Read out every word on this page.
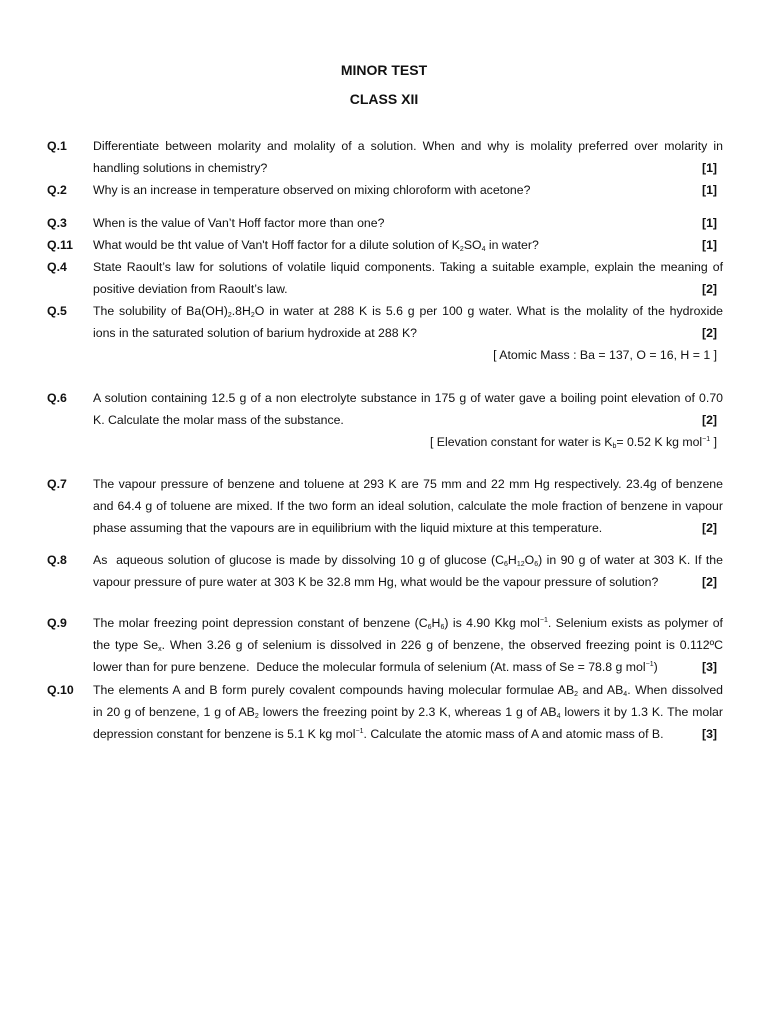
MINOR TEST
CLASS XII
Q.1 Differentiate between molarity and molality of a solution. When and why is molality preferred over molarity in
handling solutions in chemistry?	[1]
Q.2 Why is an increase in temperature observed on mixing chloroform with acetone?	[1]
Q.3 When is the value of Van’t Hoff factor more than one?	[1]
Q.11 What would be tht value of Van't Hoff factor for a dilute solution of $K_2SO_4$ in water?	[1]
Q.4 State Raoult’s law for solutions of volatile liquid components. Taking a suitable example, explain the meaning of
positive deviation from Raoult’s law.	[2]
Q.5 The solubility of $Ba(OH)_2.8H_2O$ in water at 288 K is 5.6 g per 100 g water. What is the molality of the hydroxide
ions in the saturated solution of barium hydroxide at 288 K?	[2]
[ Atomic Mass : Ba = 137, O = 16, H = 1 ]
Q.6 A solution containing 12.5 g of a non electrolyte substance in 175 g of water gave a boiling point elevation of 0.70
K. Calculate the molar mass of the substance.	[2]
[ Elevation constant for water is $K_b= 0.52$ K kg mol$^{-1}$ ]
Q.7 The vapour pressure of benzene and toluene at 293 K are 75 mm and 22 mm Hg respectively. 23.4g of benzene
and 64.4 g of toluene are mixed. If the two form an ideal solution, calculate the mole fraction of benzene in vapour
phase assuming that the vapours are in equilibrium with the liquid mixture at this temperature.	[2]
Q.8 As  aqueous solution of glucose is made by dissolving 10 g of glucose $(C_6H_{12}O_6)$ in 90 g of water at 303 K. If the
vapour pressure of pure water at 303 K be 32.8 mm Hg, what would be the vapour pressure of solution?	[2]
Q.9 The molar freezing point depression constant of benzene $(C_6H_6)$ is 4.90 Kkg mol$^{-1}$. Selenium exists as polymer of
the type $Se_x$. When 3.26 g of selenium is dissolved in 226 g of benzene, the observed freezing point is 0.112ºC
lower than for pure benzene.  Deduce the molecular formula of selenium (At. mass of Se = 78.8 g mol$^{-1}$)	[3]
Q.10 The elements A and B form purely covalent compounds having molecular formulae $AB_2$ and $AB_4$. When dissolved
in 20 g of benzene, 1 g of $AB_2$ lowers the freezing point by 2.3 K, whereas 1 g of $AB_4$ lowers it by 1.3 K. The molar
depression constant for benzene is 5.1 K kg mol$^{-1}$. Calculate the atomic mass of A and atomic mass of B.	[3]
